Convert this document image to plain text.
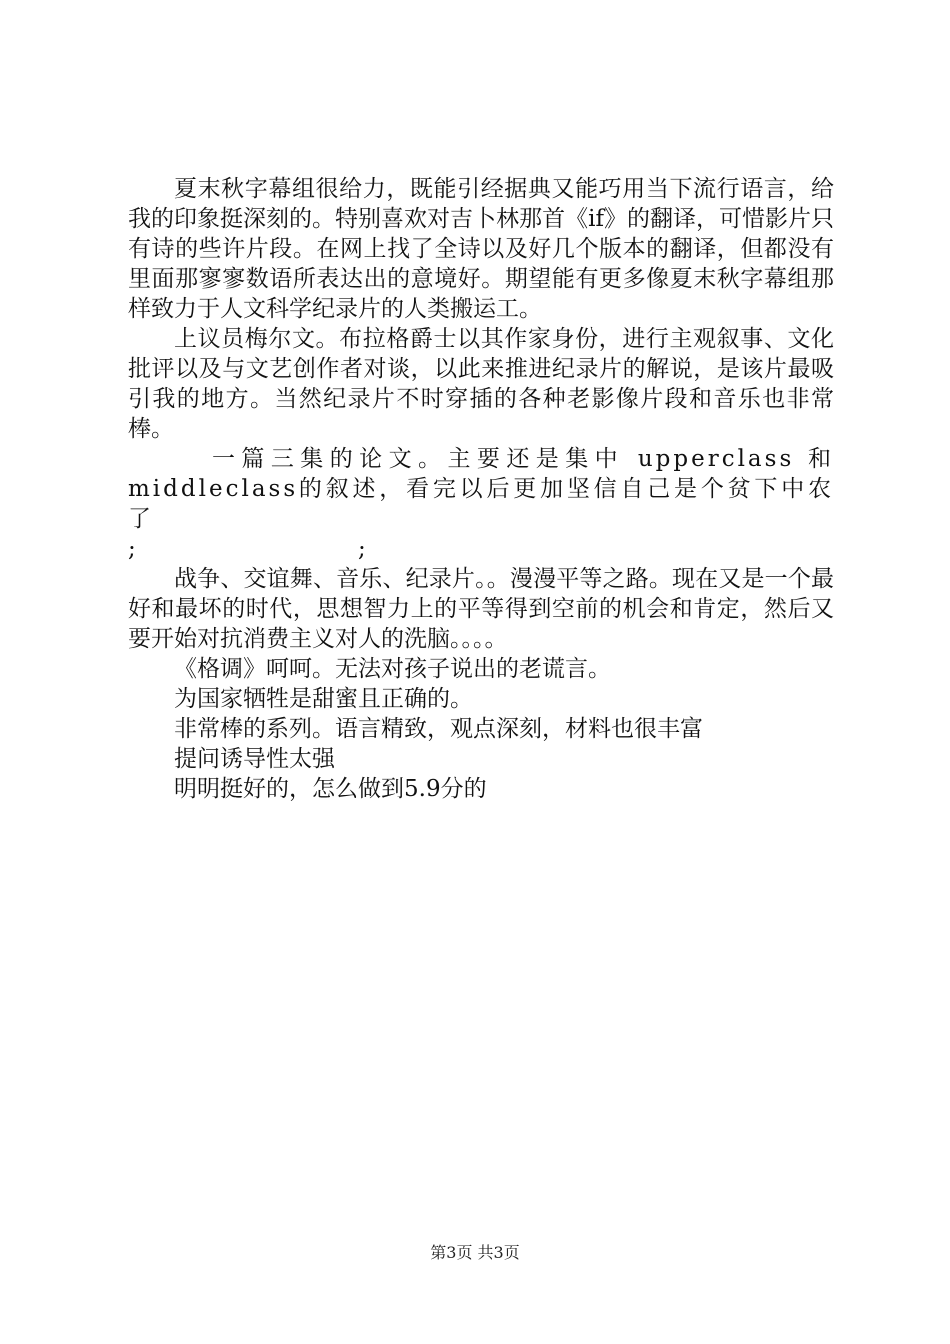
夏末秋字幕组很给力，既能引经据典又能巧用当下流行语言，给我的印象挺深刻的。特别喜欢对吉卜林那首《if》的翻译，可惜影片只有诗的些许片段。在网上找了全诗以及好几个版本的翻译，但都没有里面那寥寥数语所表达出的意境好。期望能有更多像夏末秋字幕组那样致力于人文科学纪录片的人类搬运工。

上议员梅尔文。布拉格爵士以其作家身份，进行主观叙事、文化批评以及与文艺创作者对谈，以此来推进纪录片的解说，是该片最吸引我的地方。当然纪录片不时穿插的各种老影像片段和音乐也非常棒。

一篇三集的论文。主要还是集中 upperclass 和 middleclass的叙述，看完以后更加坚信自己是个贫下中农了

;	;

战争、交谊舞、音乐、纪录片。。漫漫平等之路。现在又是一个最好和最坏的时代，思想智力上的平等得到空前的机会和肯定，然后又要开始对抗消费主义对人的洗脑。。。。

《格调》呵呵。无法对孩子说出的老谎言。

为国家牺牲是甜蜜且正确的。

非常棒的系列。语言精致，观点深刻，材料也很丰富

提问诱导性太强

明明挺好的，怎么做到5.9分的

第3页 共3页
